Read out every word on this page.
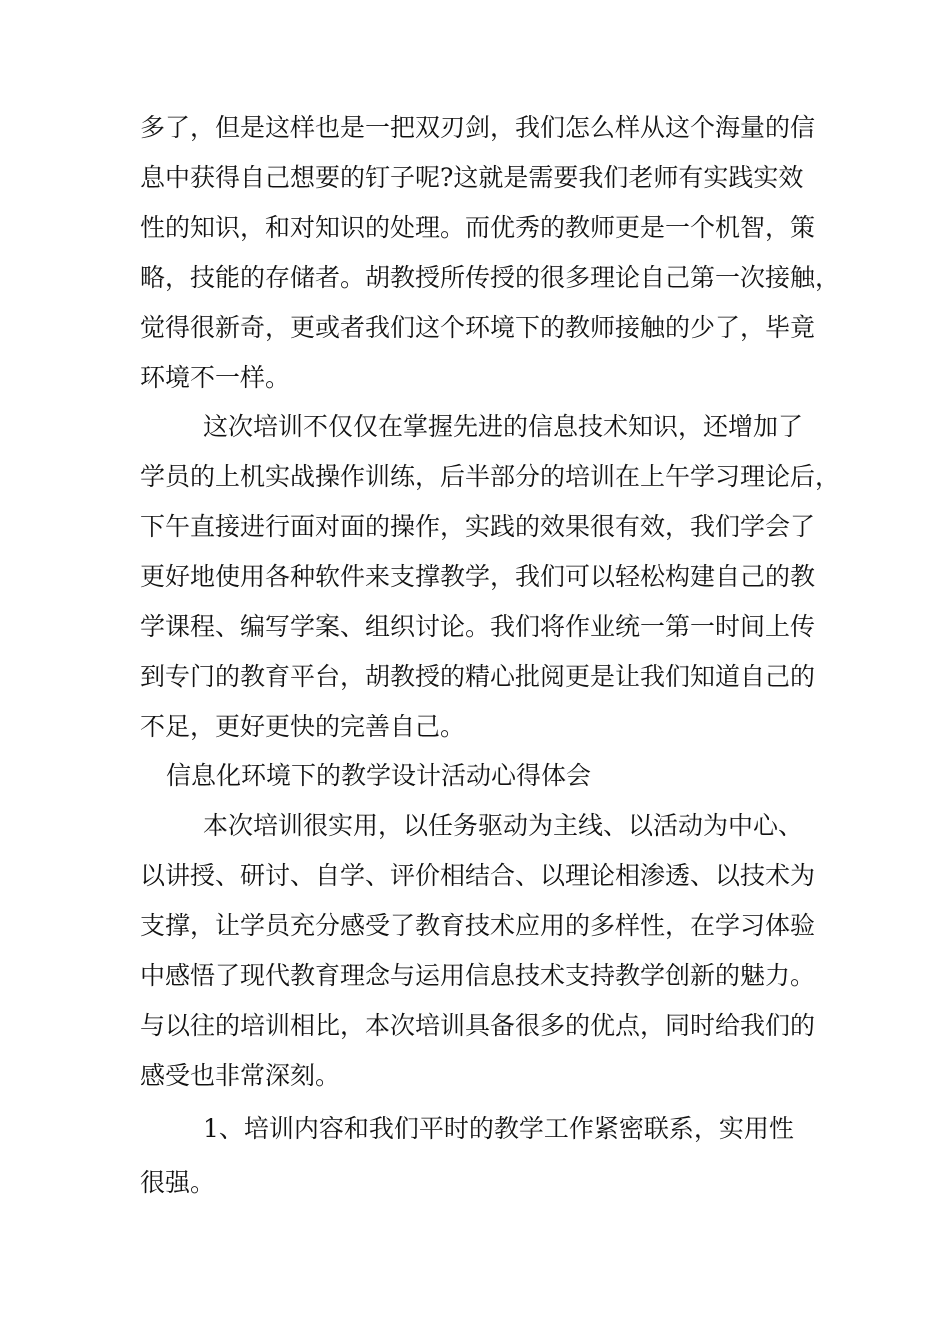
多了，但是这样也是一把双刃剑，我们怎么样从这个海量的信

息中获得自己想要的钉子呢?这就是需要我们老师有实践实效

性的知识，和对知识的处理。而优秀的教师更是一个机智，策

略，技能的存储者。胡教授所传授的很多理论自己第一次接触，

觉得很新奇，更或者我们这个环境下的教师接触的少了，毕竟

环境不一样。

这次培训不仅仅在掌握先进的信息技术知识，还增加了

学员的上机实战操作训练，后半部分的培训在上午学习理论后，

下午直接进行面对面的操作，实践的效果很有效，我们学会了

更好地使用各种软件来支撑教学，我们可以轻松构建自己的教

学课程、编写学案、组织讨论。我们将作业统一第一时间上传

到专门的教育平台，胡教授的精心批阅更是让我们知道自己的

不足，更好更快的完善自己。

信息化环境下的教学设计活动心得体会

本次培训很实用，以任务驱动为主线、以活动为中心、

以讲授、研讨、自学、评价相结合、以理论相渗透、以技术为

支撑，让学员充分感受了教育技术应用的多样性，在学习体验

中感悟了现代教育理念与运用信息技术支持教学创新的魅力。

与以往的培训相比，本次培训具备很多的优点，同时给我们的

感受也非常深刻。

1、培训内容和我们平时的教学工作紧密联系，实用性

很强。
